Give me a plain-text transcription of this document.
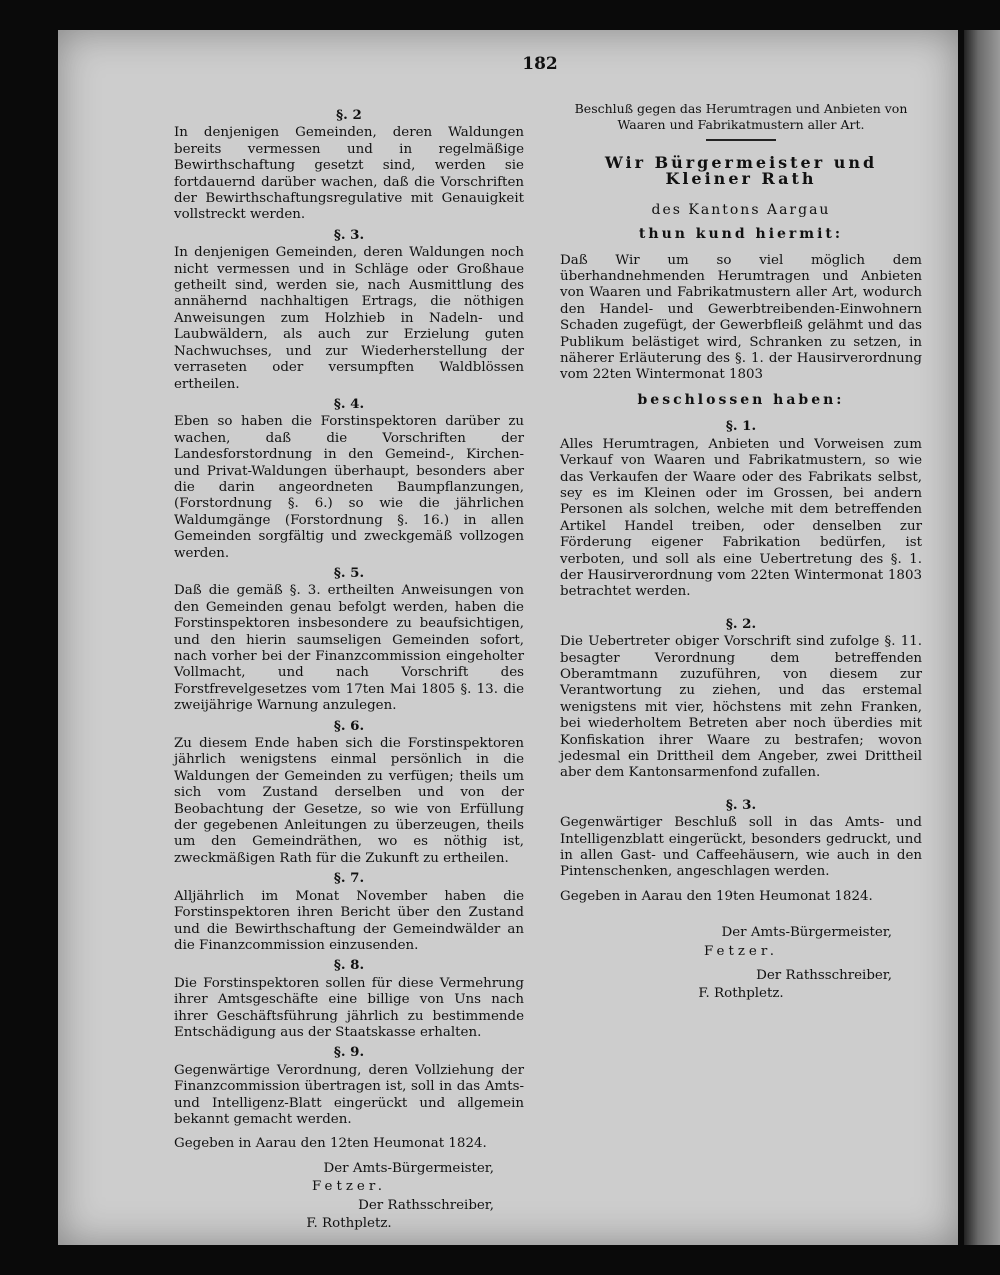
182

§. 2

In denjenigen Gemeinden, deren Waldungen bereits vermessen und in regelmäßige Bewirthschaftung gesetzt sind, werden sie fortdauernd darüber wachen, daß die Vorschriften der Bewirthschaftungsregulative mit Genauigkeit vollstreckt werden.

§. 3.

In denjenigen Gemeinden, deren Waldungen noch nicht vermessen und in Schläge oder Großhaue getheilt sind, werden sie, nach Ausmittlung des annähernd nachhaltigen Ertrags, die nöthigen Anweisungen zum Holzhieb in Nadeln- und Laubwäldern, als auch zur Erzielung guten Nachwuchses, und zur Wiederherstellung der verraseten oder versumpften Waldblössen ertheilen.

§. 4.

Eben so haben die Forstinspektoren darüber zu wachen, daß die Vorschriften der Landesforstordnung in den Gemeind-, Kirchen- und Privat-Waldungen überhaupt, besonders aber die darin angeordneten Baumpflanzungen, (Forstordnung §. 6.) so wie die jährlichen Waldumgänge (Forstordnung §. 16.) in allen Gemeinden sorgfältig und zweckgemäß vollzogen werden.

§. 5.

Daß die gemäß §. 3. ertheilten Anweisungen von den Gemeinden genau befolgt werden, haben die Forstinspektoren insbesondere zu beaufsichtigen, und den hierin saumseligen Gemeinden sofort, nach vorher bei der Finanzcommission eingeholter Vollmacht, und nach Vorschrift des Forstfrevelgesetzes vom 17ten Mai 1805 §. 13. die zweijährige Warnung anzulegen.

§. 6.

Zu diesem Ende haben sich die Forstinspektoren jährlich wenigstens einmal persönlich in die Waldungen der Gemeinden zu verfügen; theils um sich vom Zustand derselben und von der Beobachtung der Gesetze, so wie von Erfüllung der gegebenen Anleitungen zu überzeugen, theils um den Gemeindräthen, wo es nöthig ist, zweckmäßigen Rath für die Zukunft zu ertheilen.

§. 7.

Alljährlich im Monat November haben die Forstinspektoren ihren Bericht über den Zustand und die Bewirthschaftung der Gemeindwälder an die Finanzcommission einzusenden.

§. 8.

Die Forstinspektoren sollen für diese Vermehrung ihrer Amtsgeschäfte eine billige von Uns nach ihrer Geschäftsführung jährlich zu bestimmende Entschädigung aus der Staatskasse erhalten.

§. 9.

Gegenwärtige Verordnung, deren Vollziehung der Finanzcommission übertragen ist, soll in das Amts- und Intelligenz-Blatt eingerückt und allgemein bekannt gemacht werden.

Gegeben in Aarau den 12ten Heumonat 1824.

Der Amts-Bürgermeister,

Fetzer.

Der Rathsschreiber,

F. Rothpletz.

Beschluß gegen das Herumtragen und Anbieten von Waaren und Fabrikatmustern aller Art.

Wir Bürgermeister und Kleiner Rath

des Kantons Aargau

thun kund hiermit:

Daß Wir um so viel möglich dem überhandnehmenden Herumtragen und Anbieten von Waaren und Fabrikatmustern aller Art, wodurch den Handel- und Gewerbtreibenden-Einwohnern Schaden zugefügt, der Gewerbfleiß gelähmt und das Publikum belästiget wird, Schranken zu setzen, in näherer Erläuterung des §. 1. der Hausirverordnung vom 22ten Wintermonat 1803

beschlossen haben:

§. 1.

Alles Herumtragen, Anbieten und Vorweisen zum Verkauf von Waaren und Fabrikatmustern, so wie das Verkaufen der Waare oder des Fabrikats selbst, sey es im Kleinen oder im Grossen, bei andern Personen als solchen, welche mit dem betreffenden Artikel Handel treiben, oder denselben zur Förderung eigener Fabrikation bedürfen, ist verboten, und soll als eine Uebertretung des §. 1. der Hausirverordnung vom 22ten Wintermonat 1803 betrachtet werden.

§. 2.

Die Uebertreter obiger Vorschrift sind zufolge §. 11. besagter Verordnung dem betreffenden Oberamtmann zuzuführen, von diesem zur Verantwortung zu ziehen, und das erstemal wenigstens mit vier, höchstens mit zehn Franken, bei wiederholtem Betreten aber noch überdies mit Konfiskation ihrer Waare zu bestrafen; wovon jedesmal ein Drittheil dem Angeber, zwei Drittheil aber dem Kantonsarmenfond zufallen.

§. 3.

Gegenwärtiger Beschluß soll in das Amts- und Intelligenzblatt eingerückt, besonders gedruckt, und in allen Gast- und Caffeehäusern, wie auch in den Pintenschenken, angeschlagen werden.

Gegeben in Aarau den 19ten Heumonat 1824.

Der Amts-Bürgermeister,

Fetzer.

Der Rathsschreiber,

F. Rothpletz.
